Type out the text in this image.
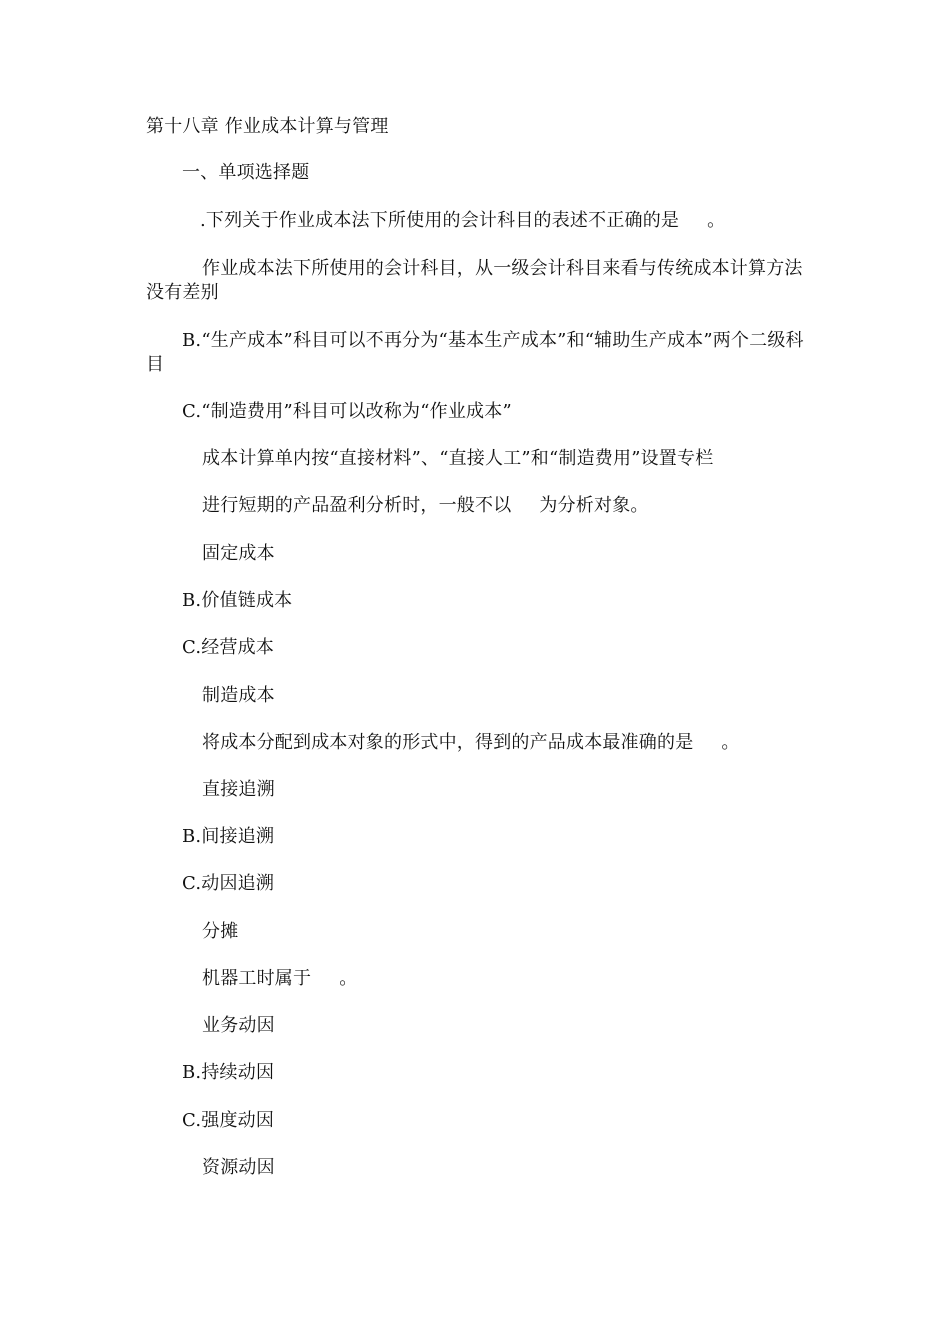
第十八章 作业成本计算与管理
一、单项选择题
.下列关于作业成本法下所使用的会计科目的表述不正确的是 。
作业成本法下所使用的会计科目，从一级会计科目来看与传统成本计算方法没有差别
B.“生产成本”科目可以不再分为“基本生产成本”和“辅助生产成本”两个二级科目
C.“制造费用”科目可以改称为“作业成本”
成本计算单内按“直接材料”、“直接人工”和“制造费用”设置专栏
进行短期的产品盈利分析时，一般不以 为分析对象。
固定成本
B.价值链成本
C.经营成本
制造成本
将成本分配到成本对象的形式中，得到的产品成本最准确的是 。
直接追溯
B.间接追溯
C.动因追溯
分摊
机器工时属于 。
业务动因
B.持续动因
C.强度动因
资源动因
